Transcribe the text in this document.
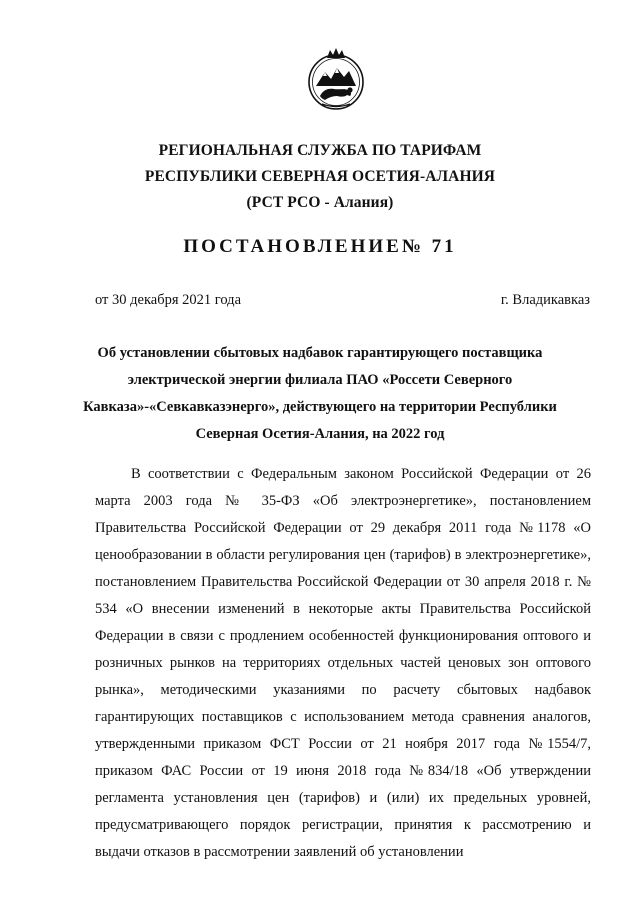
РЕГИОНАЛЬНАЯ СЛУЖБА ПО ТАРИФАМ
РЕСПУБЛИКИ СЕВЕРНАЯ ОСЕТИЯ-АЛАНИЯ
(РСТ РСО - Алания)
ПОСТАНОВЛЕНИЕ№ 71
от 30 декабря 2021 года	г. Владикавказ
Об установлении сбытовых надбавок гарантирующего поставщика электрической энергии филиала ПАО «Россети Северного Кавказа»-«Севкавказэнерго», действующего на территории Республики Северная Осетия-Алания, на 2022 год

В соответствии с Федеральным законом Российской Федерации от 26 марта 2003 года № 35-ФЗ «Об электроэнергетике», постановлением Правительства Российской Федерации от 29 декабря 2011 года №1178 «О ценообразовании в области регулирования цен (тарифов) в электроэнергетике», постановлением Правительства Российской Федерации от 30 апреля 2018 г. № 534 «О внесении изменений в некоторые акты Правительства Российской Федерации в связи с продлением особенностей функционирования оптового и розничных рынков на территориях отдельных частей ценовых зон оптового рынка», методическими указаниями по расчету сбытовых надбавок гарантирующих поставщиков с использованием метода сравнения аналогов, утвержденными приказом ФСТ России от 21 ноября 2017 года №1554/7, приказом ФАС России от 19 июня 2018 года №834/18 «Об утверждении регламента установления цен (тарифов) и (или) их предельных уровней, предусматривающего порядок регистрации, принятия к рассмотрению и выдачи отказов в рассмотрении заявлений об установлении
